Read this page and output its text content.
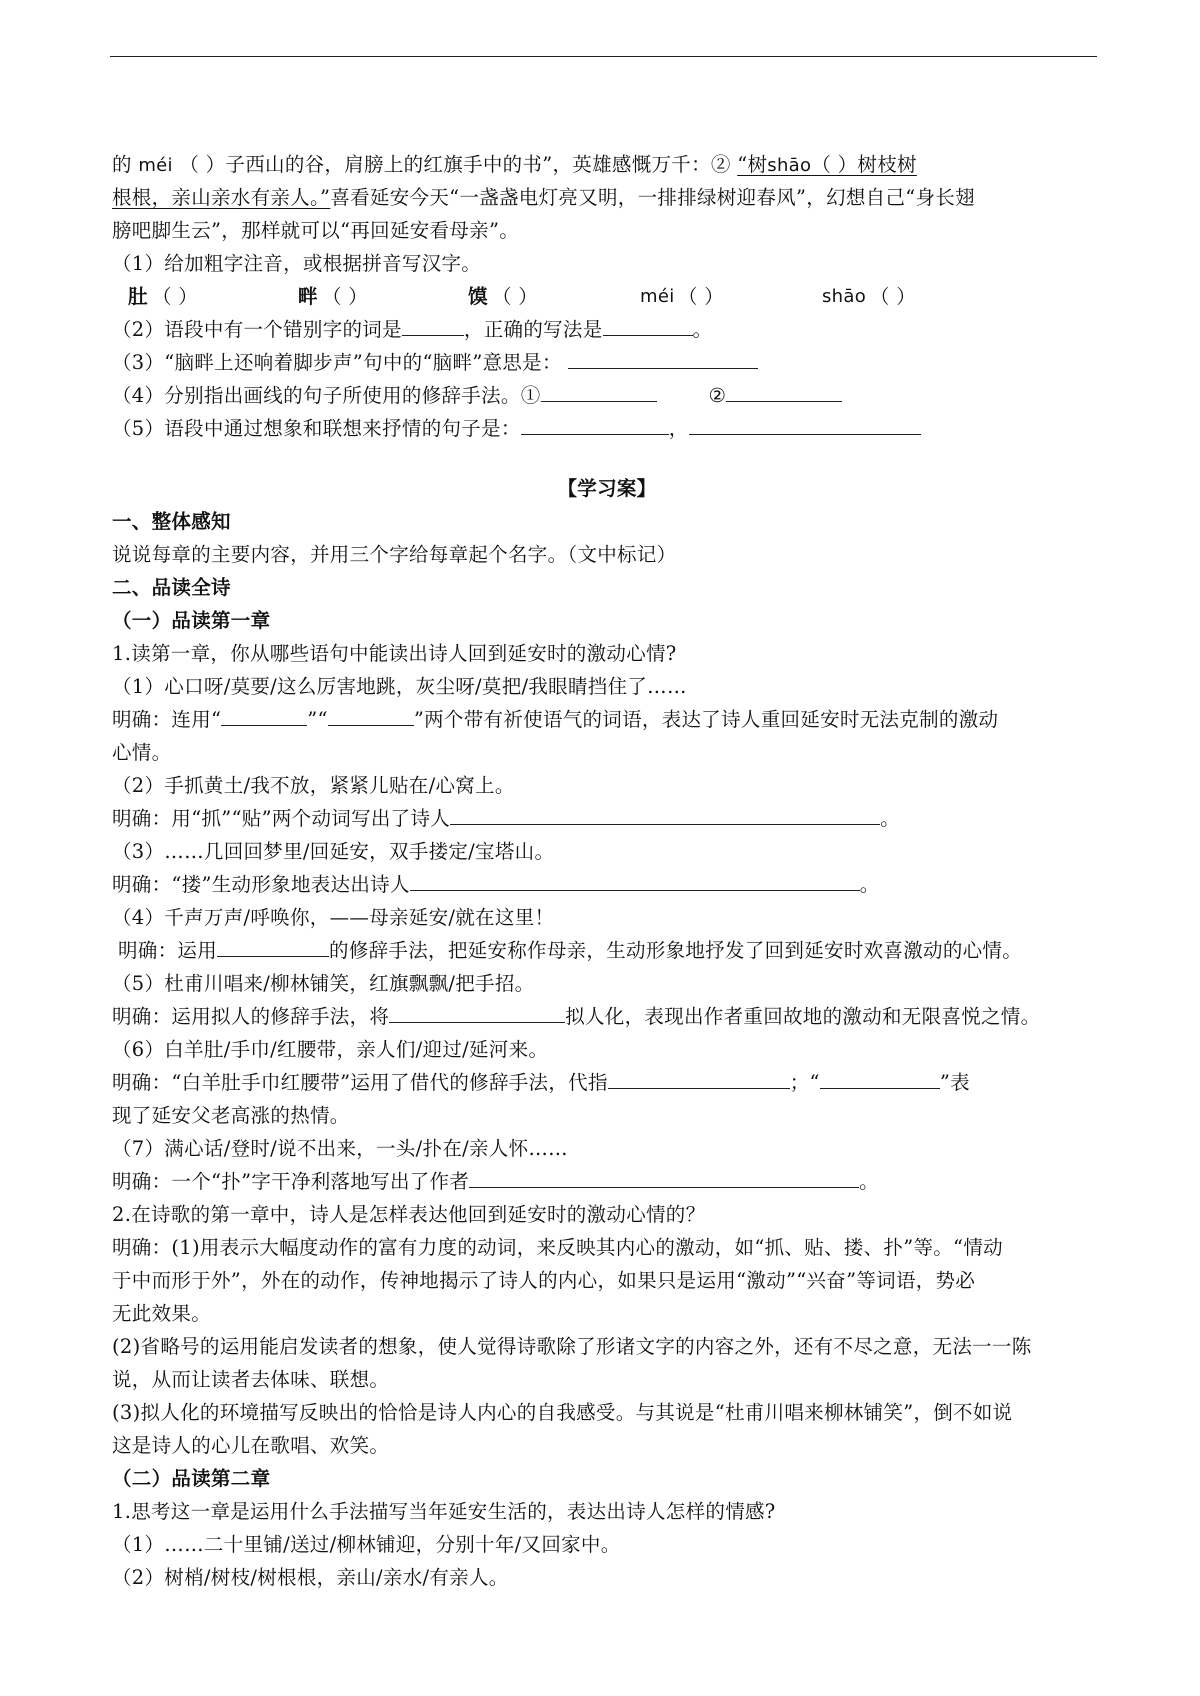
的 méi （ ）子西山的谷，肩膀上的红旗手中的书”，英雄感慨万千：② “树shāo（ ）树枝树
根根，亲山亲水有亲人。”喜看延安今天“一盏盏电灯亮又明，一排排绿树迎春风”，幻想自己“身长翅
膀吧脚生云”，那样就可以“再回延安看母亲”。
（1）给加粗字注音，或根据拼音写汉字。
肚 （ ）	畔 （ ）	馍 （ ）	méi （ ）	shāo （ ）
（2）语段中有一个错别字的词是	，正确的写法是	。
（3）“脑畔上还响着脚步声”句中的“脑畔”意思是：
（4）分别指出画线的句子所使用的修辞手法。①	②
（5）语段中通过想象和联想来抒情的句子是：	，
【学习案】
一、整体感知
说说每章的主要内容，并用三个字给每章起个名字。（文中标记）
二、品读全诗
（一）品读第一章
1.读第一章，你从哪些语句中能读出诗人回到延安时的激动心情?
（1）心口呀/莫要/这么厉害地跳，灰尘呀/莫把/我眼睛挡住了……
明确：连用“	”“	”两个带有祈使语气的词语，表达了诗人重回延安时无法克制的激动
心情。
（2）手抓黄土/我不放，紧紧儿贴在/心窝上。
明确：用“抓”“贴”两个动词写出了诗人	。
（3）……几回回梦里/回延安，双手搂定/宝塔山。
明确：“搂”生动形象地表达出诗人	。
（4）千声万声/呼唤你，——母亲延安/就在这里！
明确：运用	的修辞手法，把延安称作母亲，生动形象地抒发了回到延安时欢喜激动的心情。
（5）杜甫川唱来/柳林铺笑，红旗飘飘/把手招。
明确：运用拟人的修辞手法，将	拟人化，表现出作者重回故地的激动和无限喜悦之情。
（6）白羊肚/手巾/红腰带，亲人们/迎过/延河来。
明确：“白羊肚手巾红腰带”运用了借代的修辞手法，代指	；“	”表
现了延安父老高涨的热情。
（7）满心话/登时/说不出来，一头/扑在/亲人怀……
明确：一个“扑”字干净利落地写出了作者	。
2.在诗歌的第一章中，诗人是怎样表达他回到延安时的激动心情的？
明确：(1)用表示大幅度动作的富有力度的动词，来反映其内心的激动，如“抓、贴、搂、扑”等。“情动
于中而形于外”，外在的动作，传神地揭示了诗人的内心，如果只是运用“激动”“兴奋”等词语，势必
无此效果。
(2)省略号的运用能启发读者的想象，使人觉得诗歌除了形诸文字的内容之外，还有不尽之意，无法一一陈
说，从而让读者去体味、联想。
(3)拟人化的环境描写反映出的恰恰是诗人内心的自我感受。与其说是“杜甫川唱来柳林铺笑”，倒不如说
这是诗人的心儿在歌唱、欢笑。
（二）品读第二章
1.思考这一章是运用什么手法描写当年延安生活的，表达出诗人怎样的情感?
（1）……二十里铺/送过/柳林铺迎，分别十年/又回家中。
（2）树梢/树枝/树根根，亲山/亲水/有亲人。
